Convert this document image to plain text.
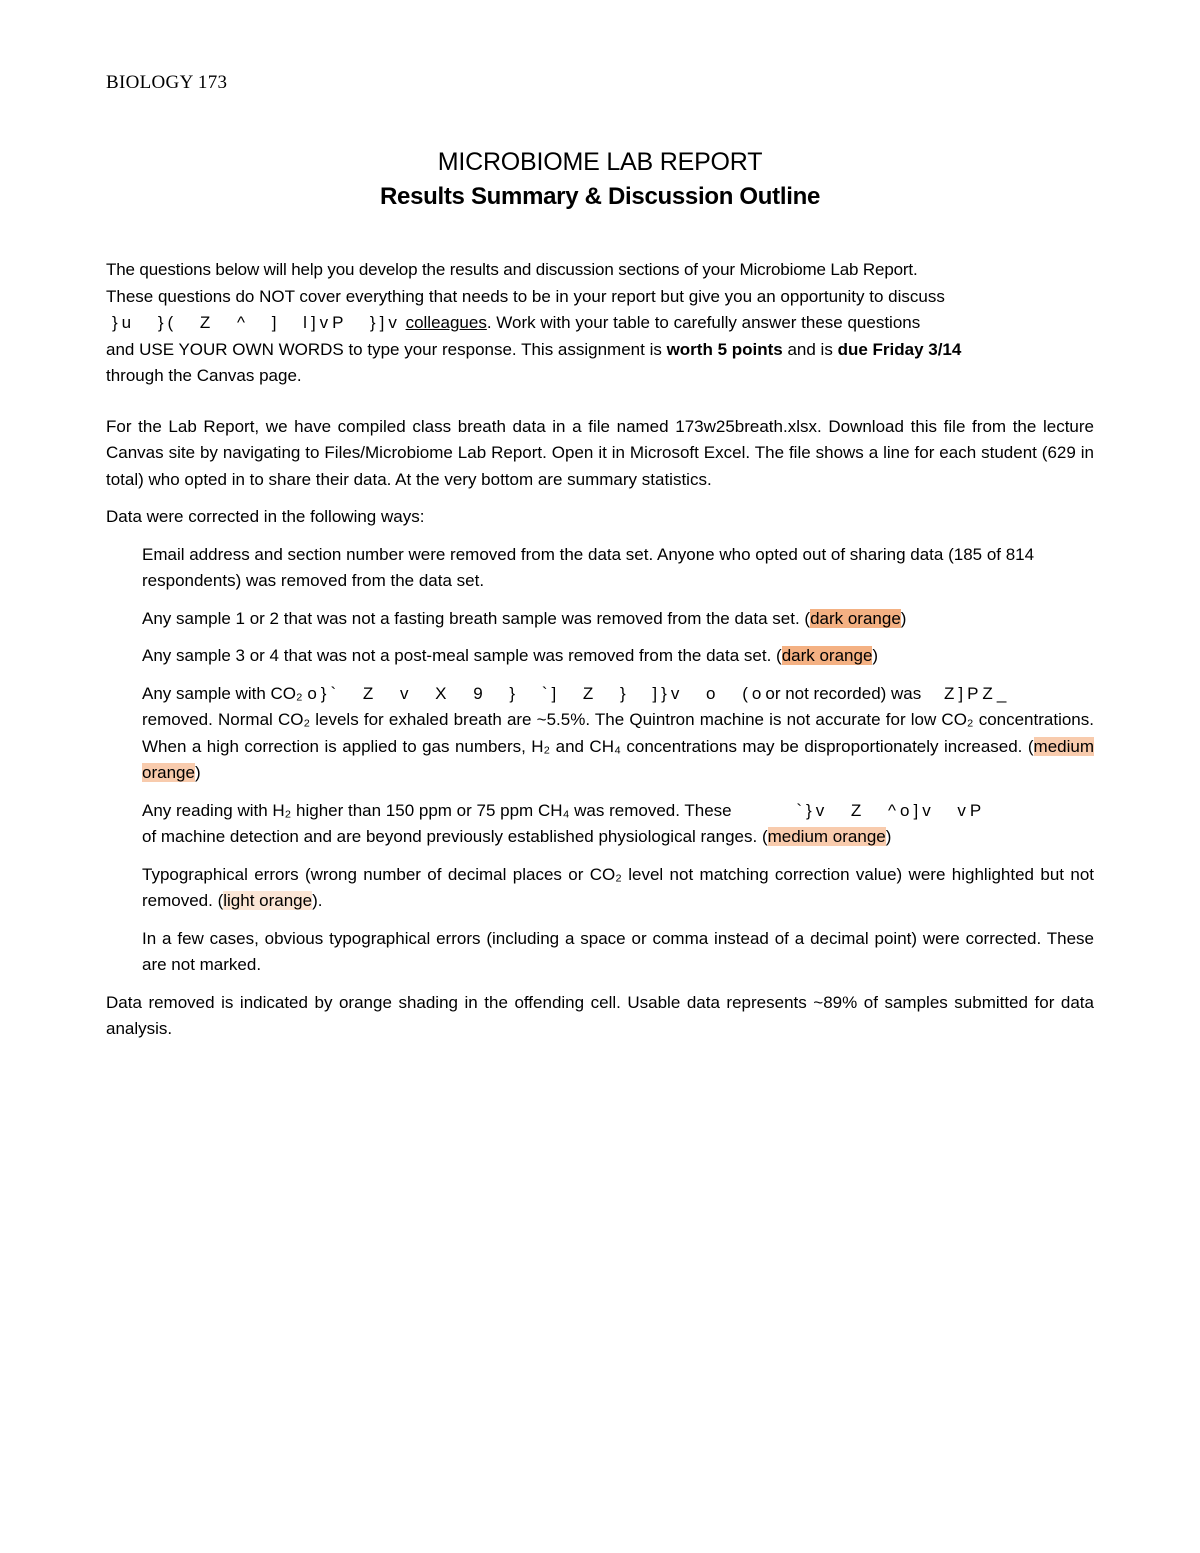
BIOLOGY 173
MICROBIOME LAB REPORT
Results Summary & Discussion Outline

The questions below will help you develop the results and discussion sections of your Microbiome Lab Report.

These questions do NOT cover everything that needs to be in your report but give you an opportunity to discuss

}u }( Z ^ ] l]vP }]v colleagues. Work with your table to carefully answer these questions

and USE YOUR OWN WORDS to type your response. This assignment is worth 5 points and is due Friday 3/14

through the Canvas page.

For the Lab Report, we have compiled class breath data in a file named 173w25breath.xlsx. Download this file from the lecture Canvas site by navigating to Files/Microbiome Lab Report. Open it in Microsoft Excel. The file shows a line for each student (629 in total) who opted in to share their data. At the very bottom are summary statistics.

Data were corrected in the following ways:

Email address and section number were removed from the data set. Anyone who opted out of sharing data (185 of 814 respondents) was removed from the data set.

Any sample 1 or 2 that was not a fasting breath sample was removed from the data set. (dark orange)

Any sample 3 or 4 that was not a post-meal sample was removed from the data set. (dark orange)

Any sample with CO₂ o}` Z v X 9 } `] Z } ]}v o (oor not recorded) was Z]PZ_

removed. Normal CO₂ levels for exhaled breath are ~5.5%. The Quintron machine is not accurate for low CO₂ concentrations. When a high correction is applied to gas numbers, H₂ and CH₄ concentrations may be disproportionately increased. (medium orange)

Any reading with H₂ higher than 150 ppm or 75 ppm CH₄ was removed. These	`}v Z ^o]v vP

of machine detection and are beyond previously established physiological ranges. (medium orange)

Typographical errors (wrong number of decimal places or CO₂ level not matching correction value) were highlighted but not removed. (light orange).

In a few cases, obvious typographical errors (including a space or comma instead of a decimal point) were corrected. These are not marked.

Data removed is indicated by orange shading in the offending cell. Usable data represents ~89% of samples submitted for data analysis.
